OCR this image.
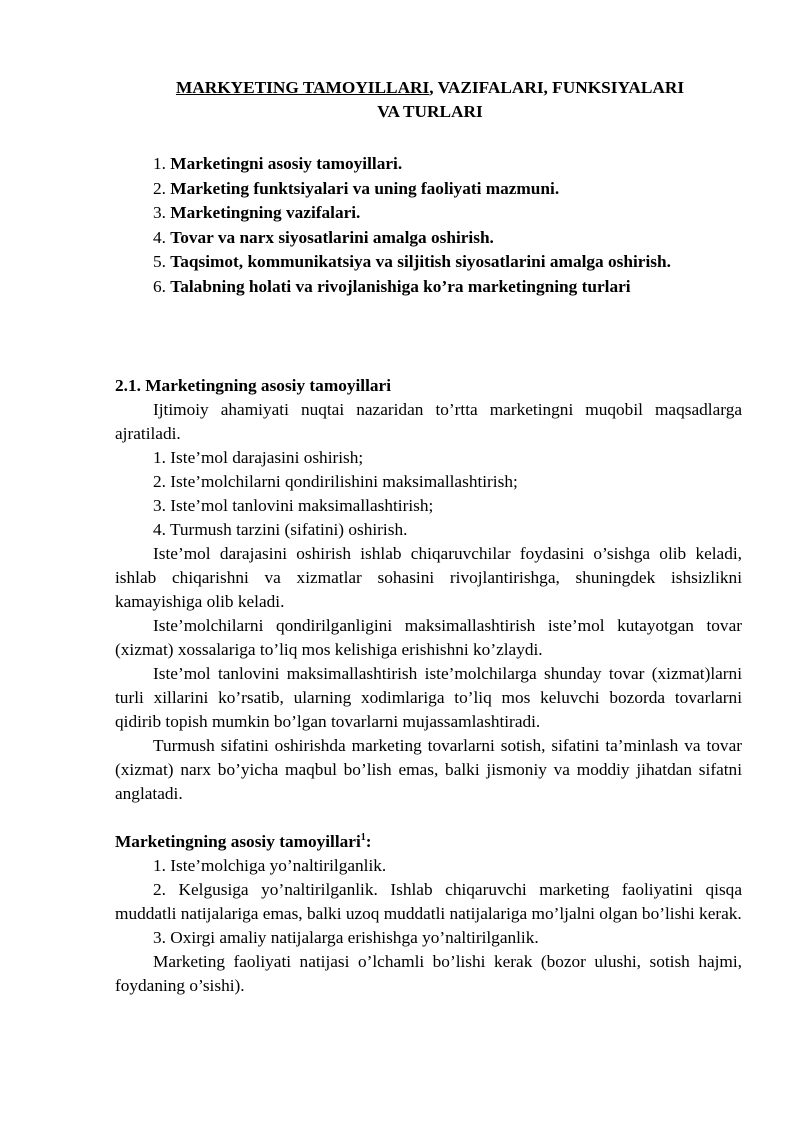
MARKYETING TAMOYILLARI, VAZIFALARI, FUNKSIYALARI
VA TURLARI
1. Marketingni asosiy tamoyillari.
2. Marketing funktsiyalari va uning faoliyati mazmuni.
3. Marketingning vazifalari.
4. Tovar va narx siyosatlarini amalga oshirish.
5. Taqsimot, kommunikatsiya va siljitish siyosatlarini amalga oshirish.
6. Talabning holati va rivojlanishiga ko’ra marketingning turlari

2.1. Marketingning asosiy tamoyillari

Ijtimoiy ahamiyati nuqtai nazaridan to’rtta marketingni muqobil maqsadlarga ajratiladi.

1. Iste’mol darajasini oshirish;

2. Iste’molchilarni qondirilishini maksimallashtirish;

3. Iste’mol tanlovini maksimallashtirish;

4. Turmush tarzini (sifatini) oshirish.

Iste’mol darajasini oshirish ishlab chiqaruvchilar foydasini o’sishga olib keladi, ishlab chiqarishni va xizmatlar sohasini rivojlantirishga, shuningdek ishsizlikni kamayishiga olib keladi.

Iste’molchilarni qondirilganligini maksimallashtirish iste’mol kutayotgan tovar (xizmat) xossalariga to’liq mos kelishiga erishishni ko’zlaydi.

Iste’mol tanlovini maksimallashtirish iste’molchilarga shunday tovar (xizmat)larni turli xillarini ko’rsatib, ularning xodimlariga to’liq mos keluvchi bozorda tovarlarni qidirib topish mumkin bo’lgan tovarlarni mujassamlashtiradi.

Turmush sifatini oshirishda marketing tovarlarni sotish, sifatini ta’minlash va tovar (xizmat) narx bo’yicha maqbul bo’lish emas, balki jismoniy va moddiy jihatdan sifatni anglatadi.

Marketingning asosiy tamoyillari$^1$:

1. Iste’molchiga yo’naltirilganlik.

2. Kelgusiga yo’naltirilganlik. Ishlab chiqaruvchi marketing faoliyatini qisqa muddatli natijalariga emas, balki uzoq muddatli natijalariga mo’ljalni olgan bo’lishi kerak.

3. Oxirgi amaliy natijalarga erishishga yo’naltirilganlik.

Marketing faoliyati natijasi o’lchamli bo’lishi kerak (bozor ulushi, sotish hajmi, foydaning o’sishi).
